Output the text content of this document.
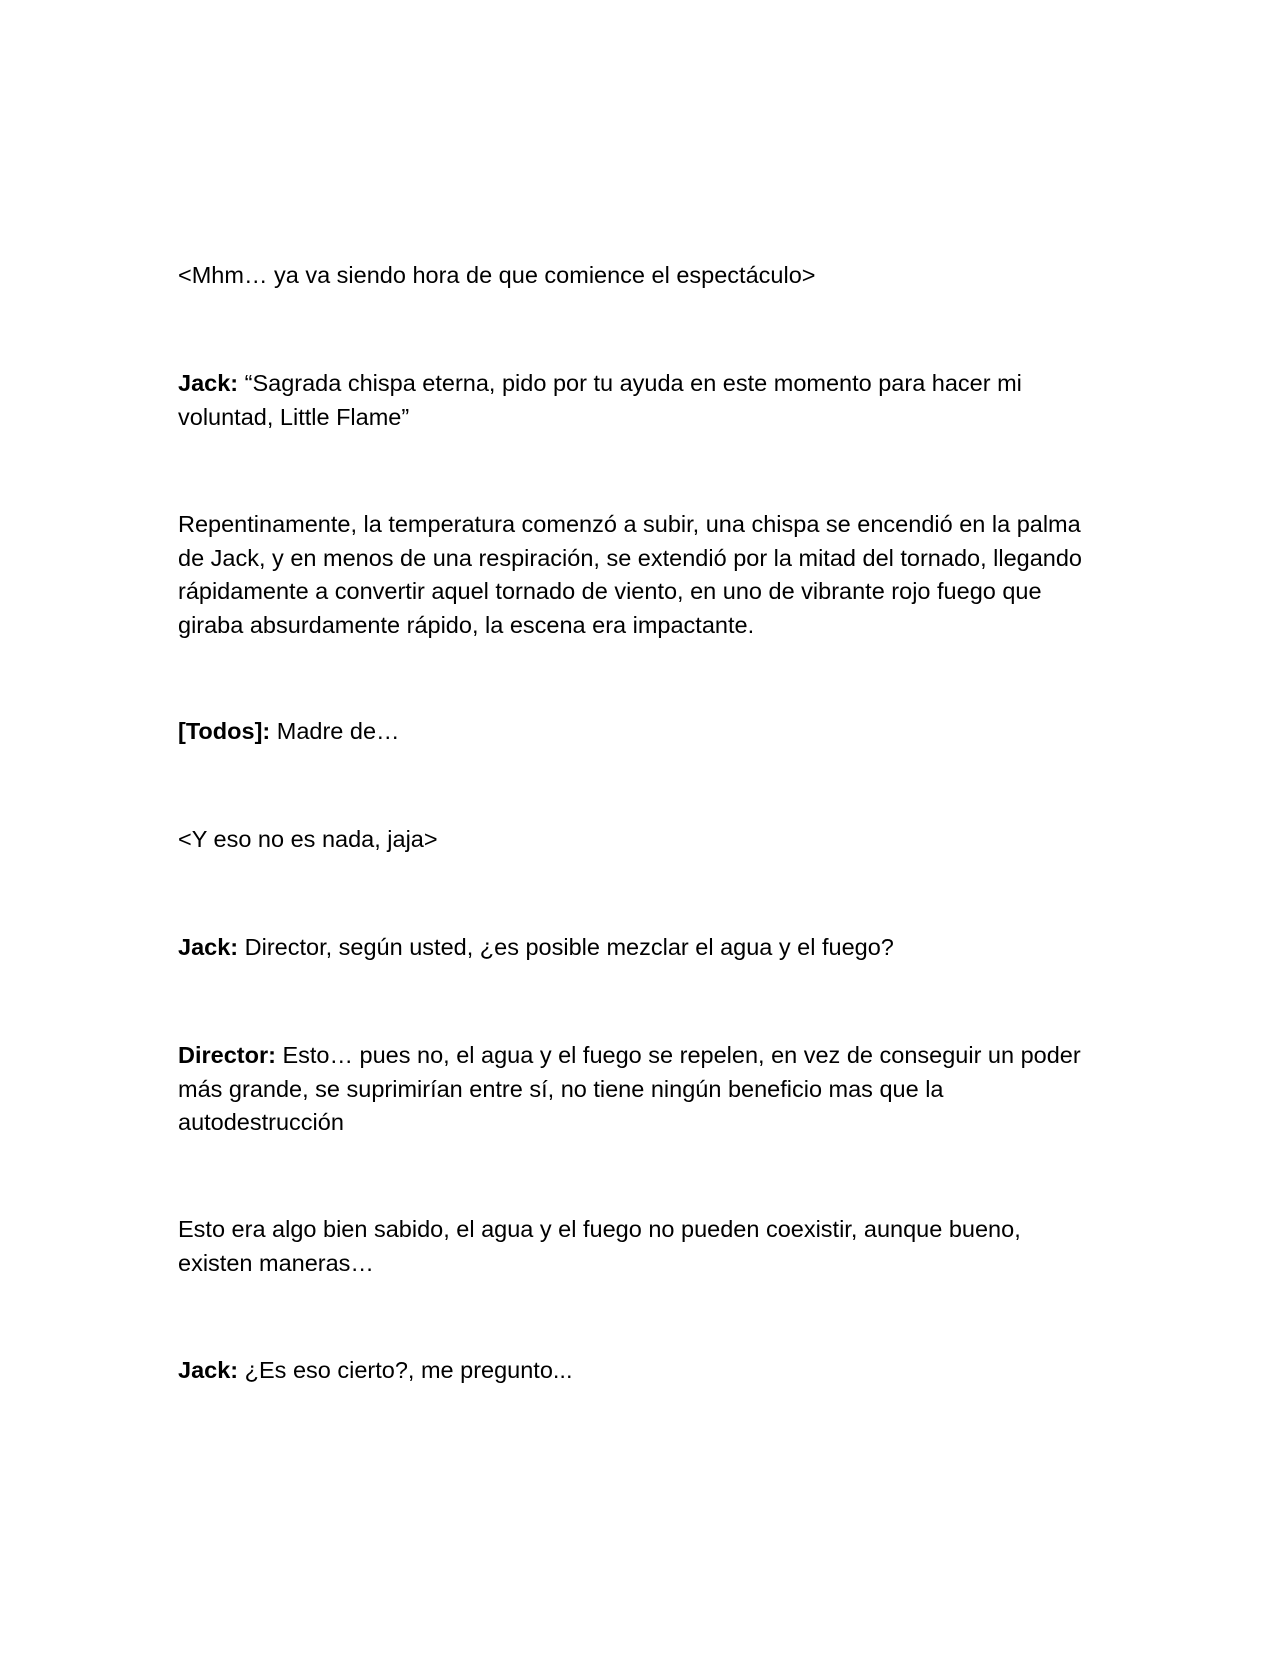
<Mhm… ya va siendo hora de que comience el espectáculo>

Jack: “Sagrada chispa eterna, pido por tu ayuda en este momento para hacer mi voluntad, Little Flame”

Repentinamente, la temperatura comenzó a subir, una chispa se encendió en la palma de Jack, y en menos de una respiración, se extendió por la mitad del tornado, llegando rápidamente a convertir aquel tornado de viento, en uno de vibrante rojo fuego que giraba absurdamente rápido, la escena era impactante.

[Todos]: Madre de…

<Y eso no es nada, jaja>

Jack: Director, según usted, ¿es posible mezclar el agua y el fuego?

Director: Esto… pues no, el agua y el fuego se repelen, en vez de conseguir un poder más grande, se suprimirían entre sí, no tiene ningún beneficio mas que la autodestrucción

Esto era algo bien sabido, el agua y el fuego no pueden coexistir, aunque bueno, existen maneras…

Jack: ¿Es eso cierto?, me pregunto...
